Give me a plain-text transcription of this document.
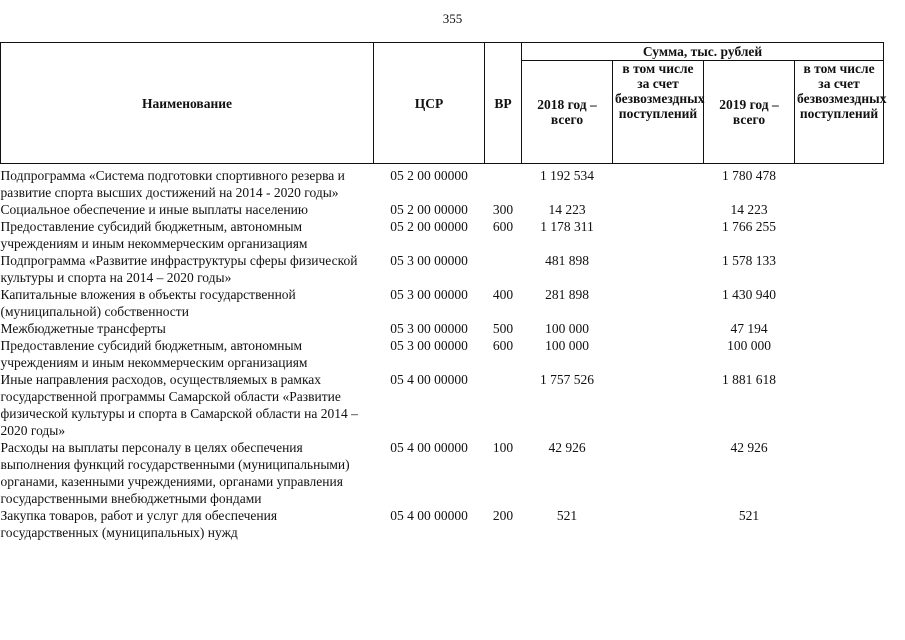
355
Наименование	ЦСР	ВР	Сумма, тыс. рублей			
			2018 год – всего	в том числе за счет безвозмездных поступлений	2019 год – всего	в том числе за счет безвозмездных поступлений
Подпрограмма «Система подготовки спортивного резерва и развитие спорта высших достижений на 2014 - 2020 годы»	05 2 00 00000		1 192 534		1 780 478	
Социальное обеспечение и иные выплаты населению	05 2 00 00000	300	14 223		14 223	
Предоставление субсидий бюджетным, автономным учреждениям и иным некоммерческим организациям	05 2 00 00000	600	1 178 311		1 766 255	
Подпрограмма «Развитие инфраструктуры сферы физической культуры и спорта на 2014 – 2020 годы»	05 3 00 00000		481 898		1 578 133	
Капитальные вложения в объекты государственной (муниципальной) собственности	05 3 00 00000	400	281 898		1 430 940	
Межбюджетные трансферты	05 3 00 00000	500	100 000		47 194	
Предоставление субсидий бюджетным, автономным учреждениям и иным некоммерческим организациям	05 3 00 00000	600	100 000		100 000	
Иные направления расходов, осуществляемых в рамках государственной программы Самарской области «Развитие физической культуры и спорта в Самарской области на 2014 – 2020 годы»	05 4 00 00000		1 757 526		1 881 618	
Расходы на выплаты персоналу в целях обеспечения выполнения функций государственными (муниципальными) органами, казенными учреждениями, органами управления государственными внебюджетными фондами	05 4 00 00000	100	42 926		42 926	
Закупка товаров, работ и услуг для обеспечения государственных (муниципальных) нужд	05 4 00 00000	200	521		521	
